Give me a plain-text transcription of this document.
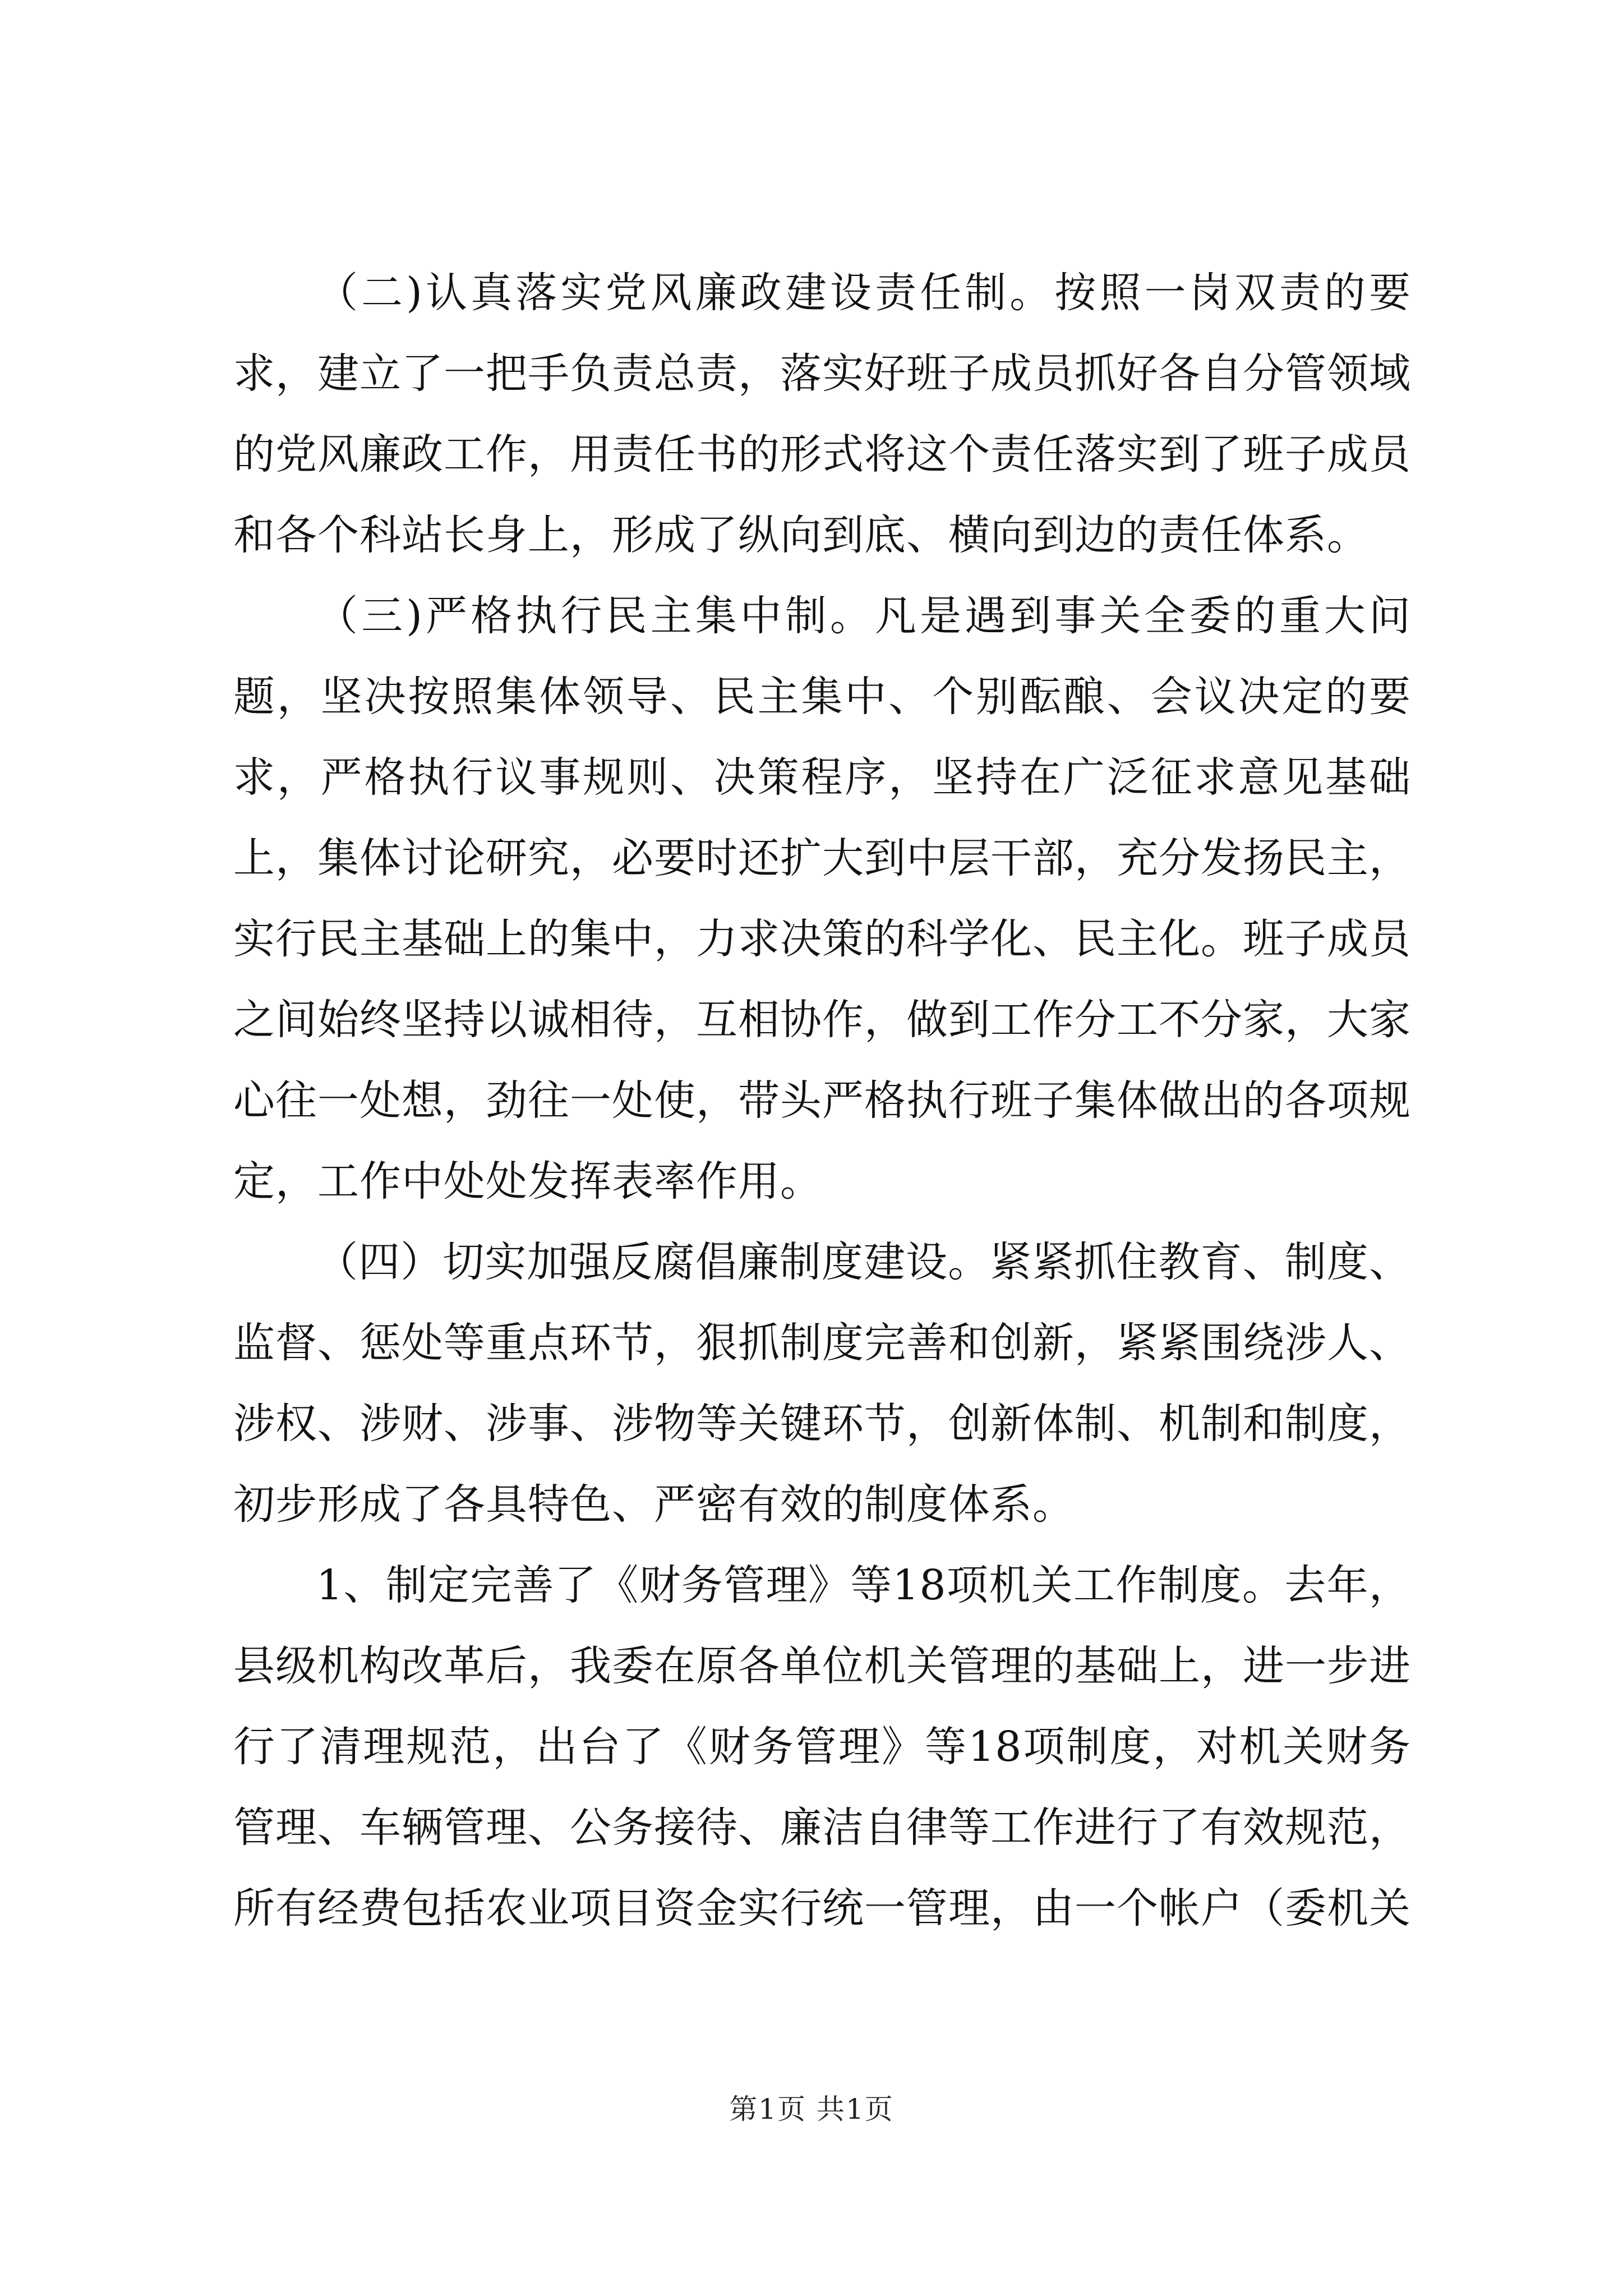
（二)认真落实党风廉政建设责任制。按照一岗双责的要求，建立了一把手负责总责，落实好班子成员抓好各自分管领域的党风廉政工作，用责任书的形式将这个责任落实到了班子成员和各个科站长身上，形成了纵向到底、横向到边的责任体系。

（三)严格执行民主集中制。凡是遇到事关全委的重大问题，坚决按照集体领导、民主集中、个别酝酿、会议决定的要求，严格执行议事规则、决策程序，坚持在广泛征求意见基础上，集体讨论研究，必要时还扩大到中层干部，充分发扬民主，实行民主基础上的集中，力求决策的科学化、民主化。班子成员之间始终坚持以诚相待，互相协作，做到工作分工不分家，大家心往一处想，劲往一处使，带头严格执行班子集体做出的各项规定，工作中处处发挥表率作用。

（四）切实加强反腐倡廉制度建设。紧紧抓住教育、制度、监督、惩处等重点环节，狠抓制度完善和创新，紧紧围绕涉人、涉权、涉财、涉事、涉物等关键环节，创新体制、机制和制度，初步形成了各具特色、严密有效的制度体系。

1、制定完善了《财务管理》等18项机关工作制度。去年，县级机构改革后，我委在原各单位机关管理的基础上，进一步进行了清理规范，出台了《财务管理》等18项制度，对机关财务管理、车辆管理、公务接待、廉洁自律等工作进行了有效规范，所有经费包括农业项目资金实行统一管理，由一个帐户（委机关

第1页 共1页
